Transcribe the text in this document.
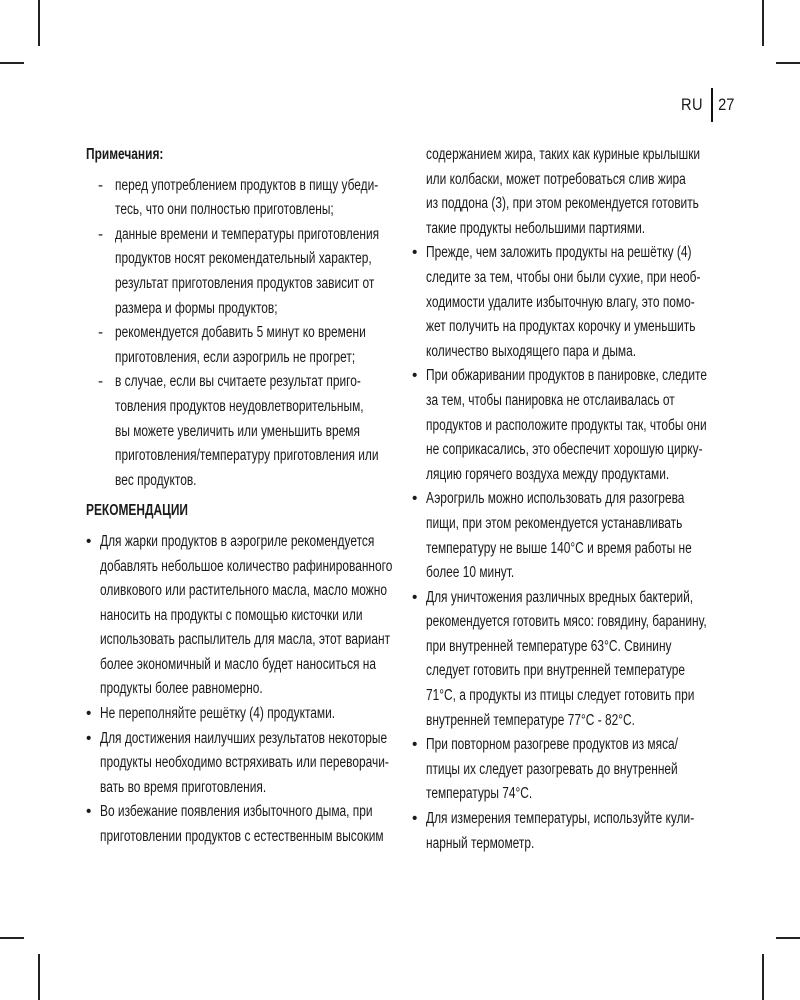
RU 27
Примечания:
- перед употреблением продуктов в пищу убеди-
тесь, что они полностью приготовлены;
- данные времени и температуры приготовления
продуктов носят рекомендательный характер,
результат приготовления продуктов зависит от
размера и формы продуктов;
- рекомендуется добавить 5 минут ко времени
приготовления, если аэрогриль не прогрет;
- в случае, если вы считаете результат приго-
товления продуктов неудовлетворительным,
вы можете увеличить или уменьшить время
приготовления/температуру приготовления или
вес продуктов.
РЕКОМЕНДАЦИИ
• Для жарки продуктов в аэрогриле рекомендуется
добавлять небольшое количество рафинированного
оливкового или растительного масла, масло можно
наносить на продукты с помощью кисточки или
использовать распылитель для масла, этот вариант
более экономичный и масло будет наноситься на
продукты более равномерно.
• Не переполняйте решётку (4) продуктами.
• Для достижения наилучших результатов некоторые
продукты необходимо встряхивать или переворачи-
вать во время приготовления.
• Во избежание появления избыточного дыма, при
приготовлении продуктов с естественным высоким
содержанием жира, таких как куриные крылышки
или колбаски, может потребоваться слив жира
из поддона (3), при этом рекомендуется готовить
такие продукты небольшими партиями.
• Прежде, чем заложить продукты на решётку (4)
следите за тем, чтобы они были сухие, при необ-
ходимости удалите избыточную влагу, это помо-
жет получить на продуктах корочку и уменьшить
количество выходящего пара и дыма.
• При обжаривании продуктов в панировке, следите
за тем, чтобы панировка не отслаивалась от
продуктов и расположите продукты так, чтобы они
не соприкасались, это обеспечит хорошую цирку-
ляцию горячего воздуха между продуктами.
• Аэрогриль можно использовать для разогрева
пищи, при этом рекомендуется устанавливать
температуру не выше 140°С и время работы не
более 10 минут.
• Для уничтожения различных вредных бактерий,
рекомендуется готовить мясо: говядину, баранину,
при внутренней температуре 63°С. Свинину
следует готовить при внутренней температуре
71°С, а продукты из птицы следует готовить при
внутренней температуре 77°С - 82°С.
• При повторном разогреве продуктов из мяса/
птицы их следует разогревать до внутренней
температуры 74°С.
• Для измерения температуры, используйте кули-
нарный термометр.
